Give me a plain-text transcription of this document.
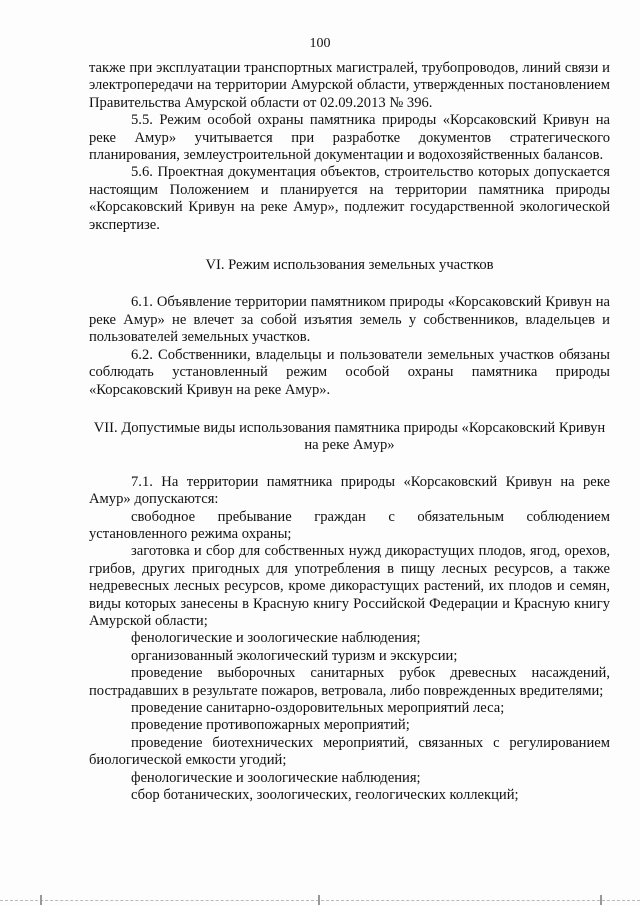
100

также при эксплуатации транспортных магистралей, трубопроводов, линий связи и электропередачи на территории Амурской области, утвержденных постановлением Правительства Амурской области от 02.09.2013 № 396.

5.5. Режим особой охраны памятника природы «Корсаковский Кривун на реке Амур» учитывается при разработке документов стратегического планирования, землеустроительной документации и водохозяйственных балансов.

5.6. Проектная документация объектов, строительство которых допускается настоящим Положением и планируется на территории памятника природы «Корсаковский Кривун на реке Амур», подлежит государственной экологической экспертизе.

VI. Режим использования земельных участков

6.1. Объявление территории памятником природы «Корсаковский Кривун на реке Амур» не влечет за собой изъятия земель у собственников, владельцев и пользователей земельных участков.

6.2. Собственники, владельцы и пользователи земельных участков обязаны соблюдать установленный режим особой охраны памятника природы «Корсаковский Кривун на реке Амур».

VII. Допустимые виды использования памятника природы «Корсаковский Кривун на реке Амур»

7.1. На территории памятника природы «Корсаковский Кривун на реке Амур» допускаются:

свободное пребывание граждан с обязательным соблюдением установленного режима охраны;

заготовка и сбор для собственных нужд дикорастущих плодов, ягод, орехов, грибов, других пригодных для употребления в пищу лесных ресурсов, а также недревесных лесных ресурсов, кроме дикорастущих растений, их плодов и семян, виды которых занесены в Красную книгу Российской Федерации и Красную книгу Амурской области;

фенологические и зоологические наблюдения;

организованный экологический туризм и экскурсии;

проведение выборочных санитарных рубок древесных насаждений, пострадавших в результате пожаров, ветровала, либо поврежденных вредителями;

проведение санитарно-оздоровительных мероприятий леса;

проведение противопожарных мероприятий;

проведение биотехнических мероприятий, связанных с регулированием биологической емкости угодий;

фенологические и зоологические наблюдения;

сбор ботанических, зоологических, геологических коллекций;
